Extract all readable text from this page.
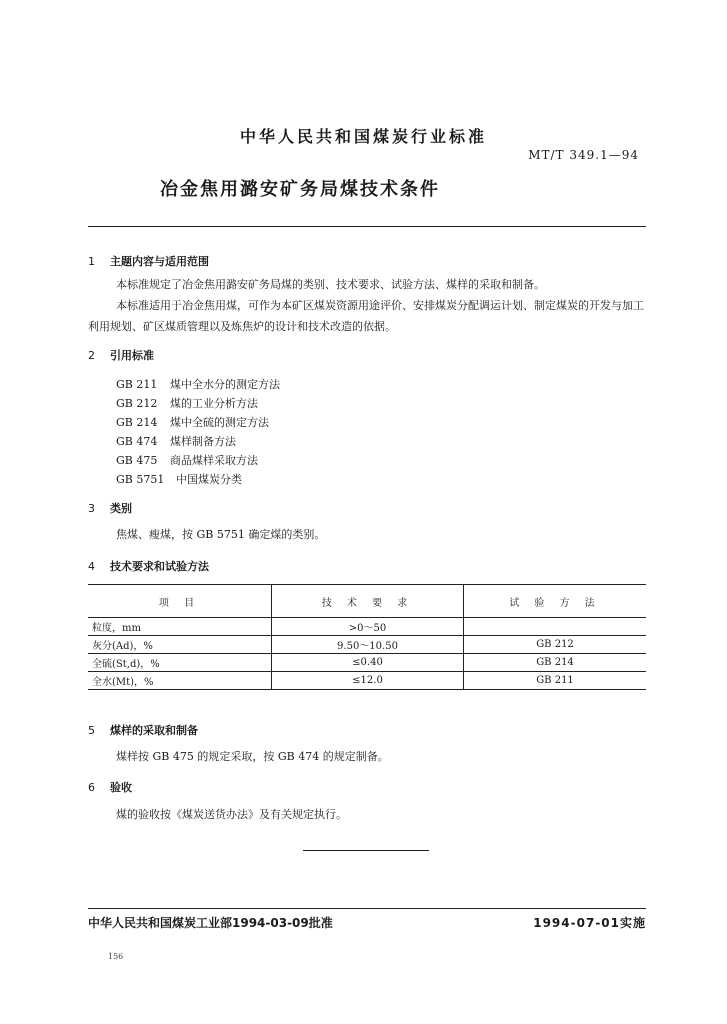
中华人民共和国煤炭行业标准
MT/T 349.1—94
冶金焦用潞安矿务局煤技术条件
1 主题内容与适用范围
本标准规定了冶金焦用潞安矿务局煤的类别、技术要求、试验方法、煤样的采取和制备。
本标准适用于冶金焦用煤，可作为本矿区煤炭资源用途评价、安排煤炭分配调运计划、制定煤炭的开发与加工利用规划、矿区煤质管理以及炼焦炉的设计和技术改造的依据。
2 引用标准
GB 211 煤中全水分的测定方法
GB 212 煤的工业分析方法
GB 214 煤中全硫的测定方法
GB 474 煤样制备方法
GB 475 商品煤样采取方法
GB 5751 中国煤炭分类
3 类别
焦煤、瘦煤，按 GB 5751 确定煤的类别。
4 技术要求和试验方法
项 目	技 术 要 求	试 验 方 法
粒度，mm	>0～50	
灰分(Ad)，%	9.50～10.50	GB 212
全硫(St,d)，%	≤0.40	GB 214
全水(Mt)，%	≤12.0	GB 211
5 煤样的采取和制备
煤样按 GB 475 的规定采取，按 GB 474 的规定制备。
6 验收
煤的验收按《煤炭送货办法》及有关规定执行。
中华人民共和国煤炭工业部1994-03-09批准	1994-07-01实施
156
